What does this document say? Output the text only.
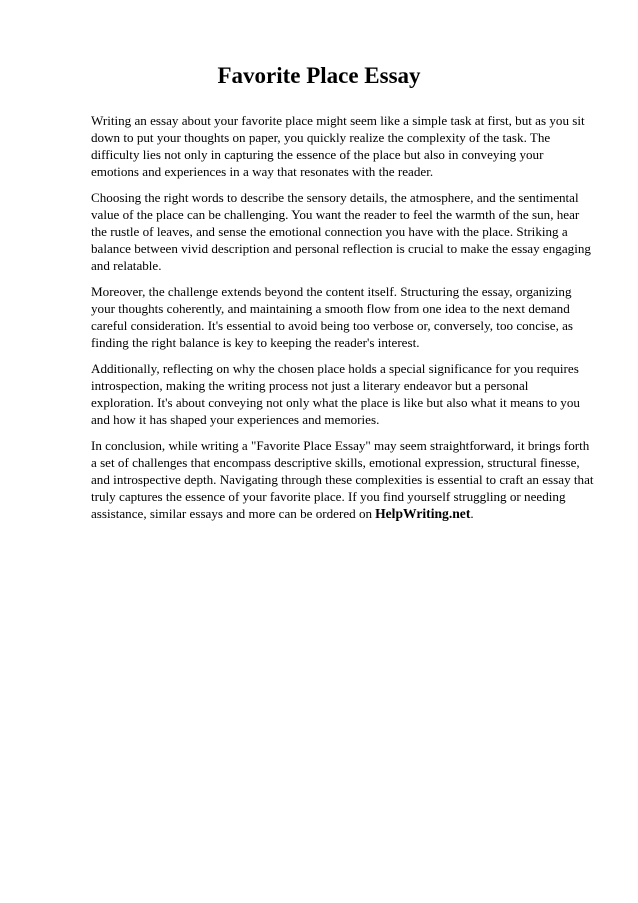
Favorite Place Essay

Writing an essay about your favorite place might seem like a simple task at first, but as you sit down to put your thoughts on paper, you quickly realize the complexity of the task. The difficulty lies not only in capturing the essence of the place but also in conveying your emotions and experiences in a way that resonates with the reader.

Choosing the right words to describe the sensory details, the atmosphere, and the sentimental value of the place can be challenging. You want the reader to feel the warmth of the sun, hear the rustle of leaves, and sense the emotional connection you have with the place. Striking a balance between vivid description and personal reflection is crucial to make the essay engaging and relatable.

Moreover, the challenge extends beyond the content itself. Structuring the essay, organizing your thoughts coherently, and maintaining a smooth flow from one idea to the next demand careful consideration. It's essential to avoid being too verbose or, conversely, too concise, as finding the right balance is key to keeping the reader's interest.

Additionally, reflecting on why the chosen place holds a special significance for you requires introspection, making the writing process not just a literary endeavor but a personal exploration. It's about conveying not only what the place is like but also what it means to you and how it has shaped your experiences and memories.

In conclusion, while writing a "Favorite Place Essay" may seem straightforward, it brings forth a set of challenges that encompass descriptive skills, emotional expression, structural finesse, and introspective depth. Navigating through these complexities is essential to craft an essay that truly captures the essence of your favorite place. If you find yourself struggling or needing assistance, similar essays and more can be ordered on HelpWriting.net.
